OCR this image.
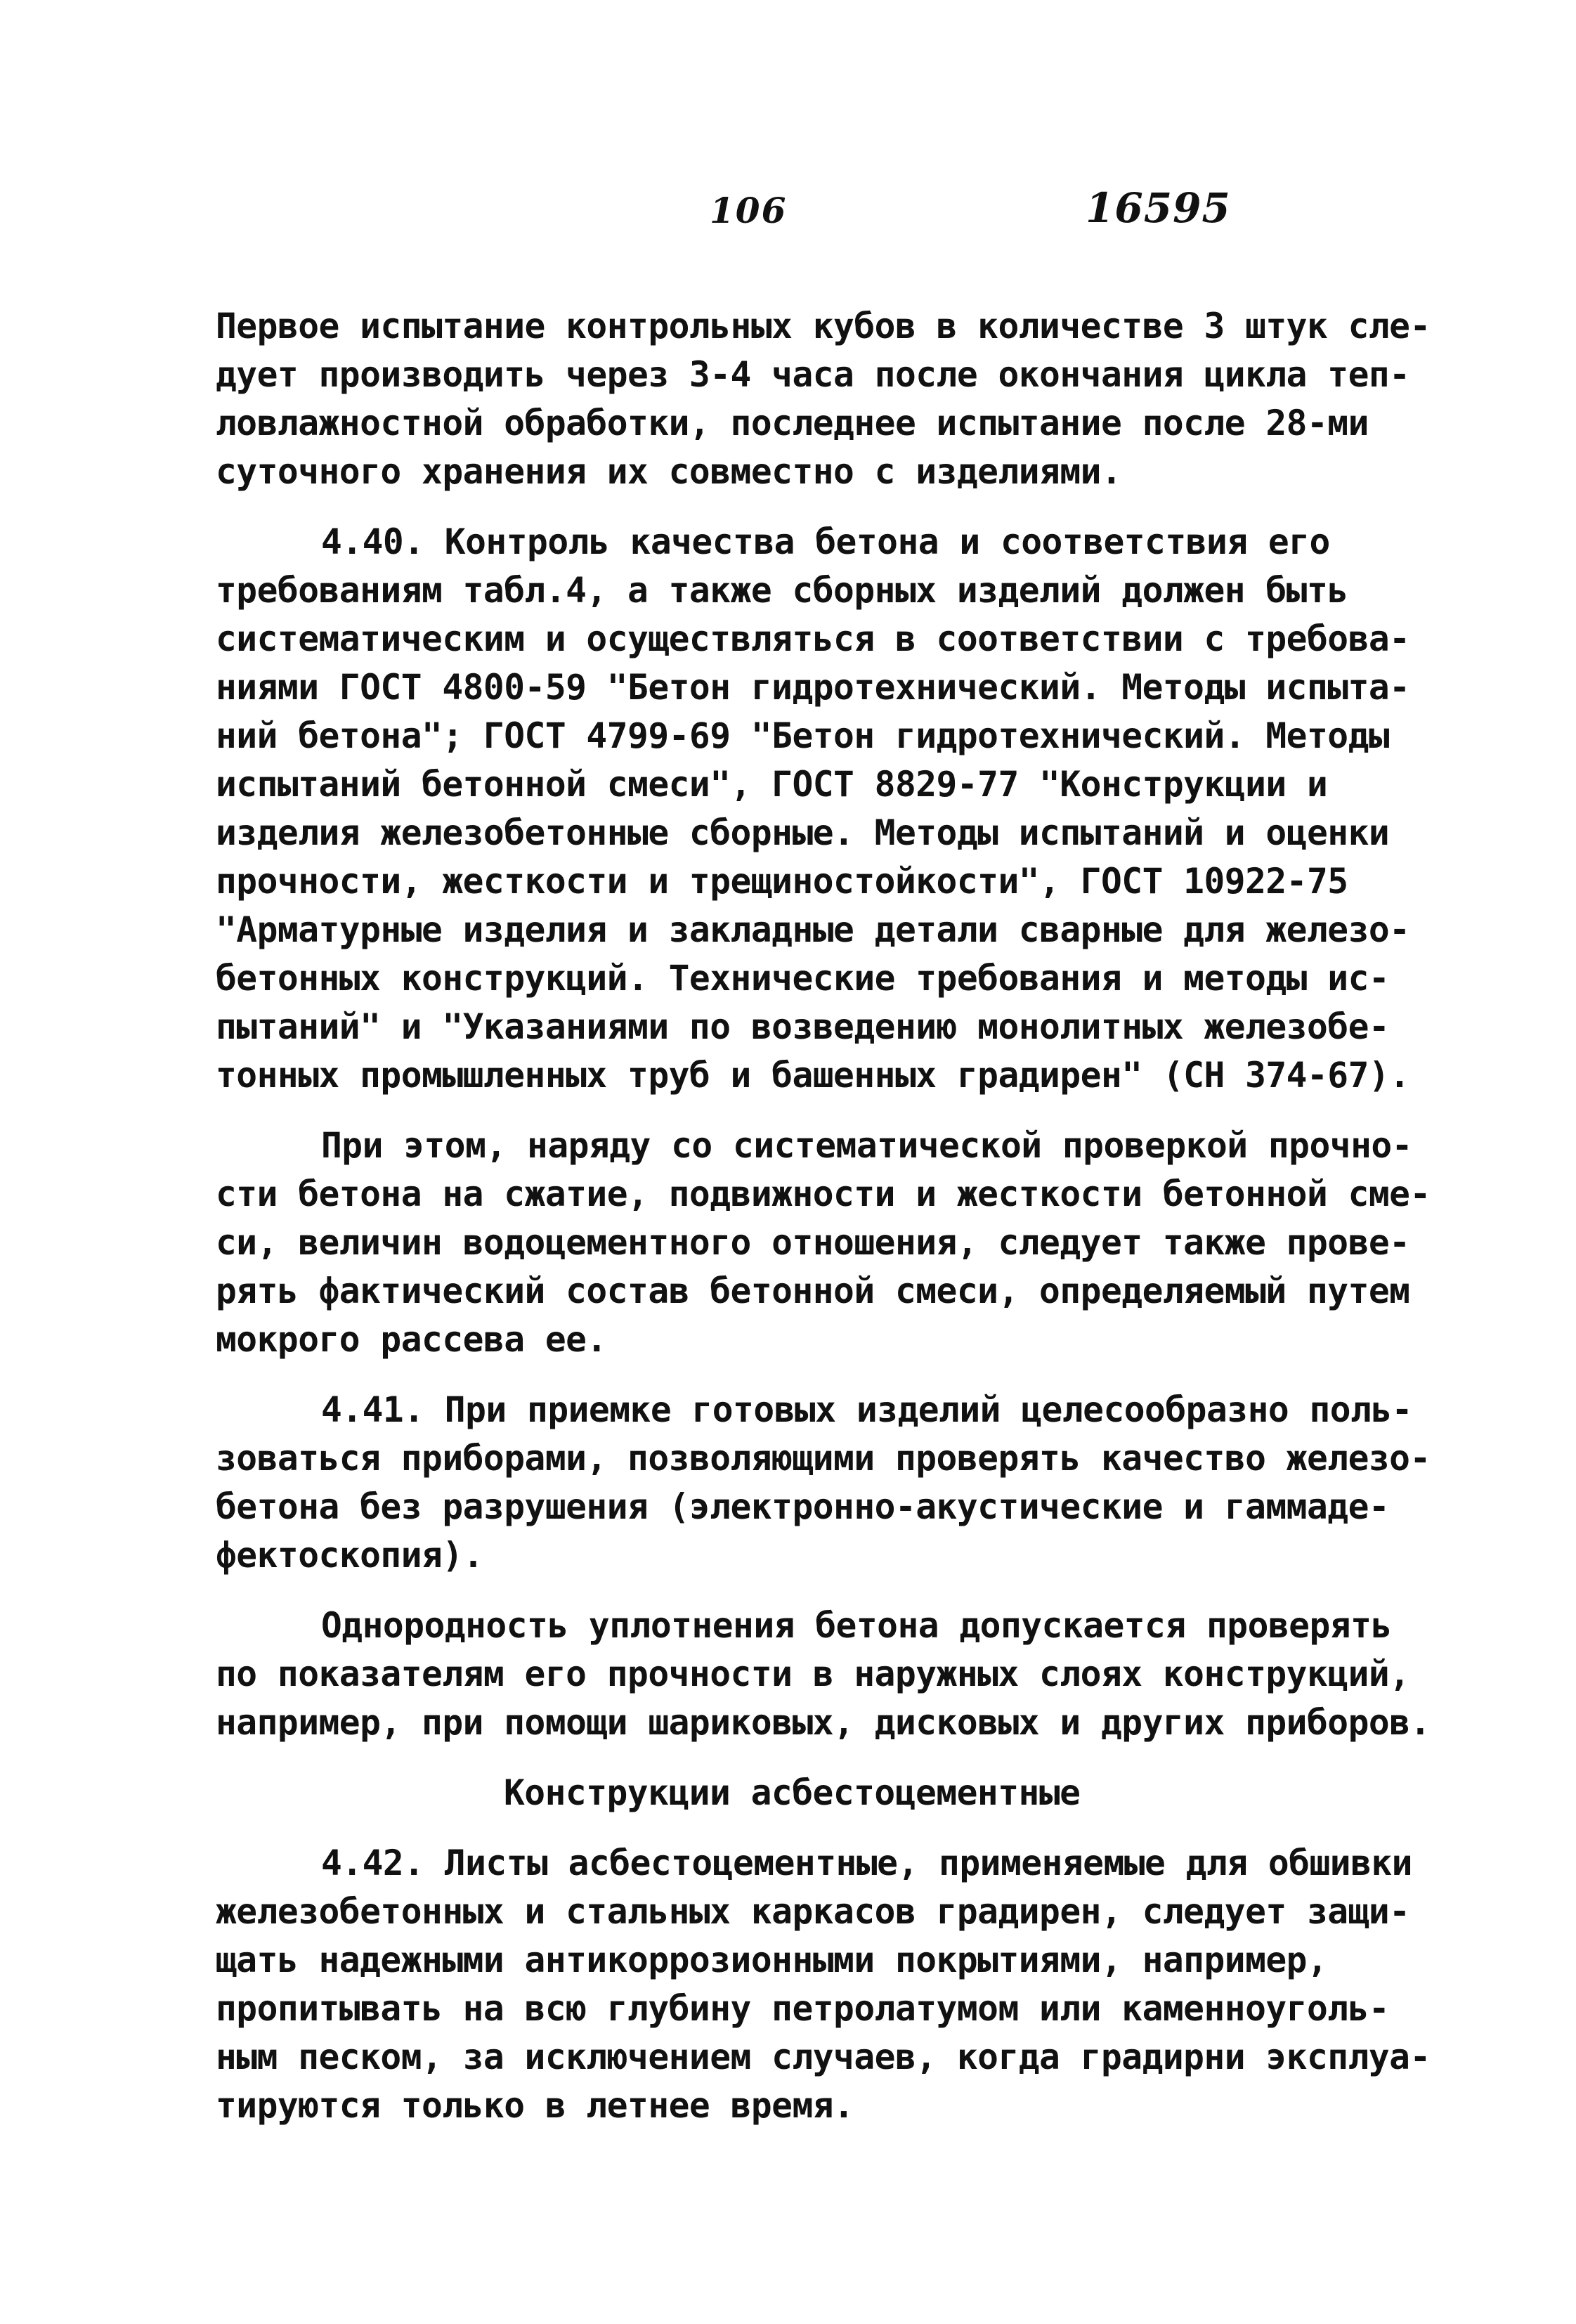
106	16595
Первое испытание контрольных кубов в количестве 3 штук сле-
дует производить через 3-4 часа после окончания цикла теп-
ловлажностной обработки, последнее испытание после 28-ми
суточного хранения их совместно с изделиями.
4.40. Контроль качества бетона и соответствия его
требованиям табл.4, а также сборных изделий должен быть
систематическим и осуществляться в соответствии с требова-
ниями ГОСТ 4800-59 "Бетон гидротехнический. Методы испыта-
ний бетона"; ГОСТ 4799-69 "Бетон гидротехнический. Методы
испытаний бетонной смеси", ГОСТ 8829-77 "Конструкции и
изделия железобетонные сборные. Методы испытаний и оценки
прочности, жесткости и трещиностойкости", ГОСТ 10922-75
"Арматурные изделия и закладные детали сварные для железо-
бетонных конструкций. Технические требования и методы ис-
пытаний" и "Указаниями по возведению монолитных железобе-
тонных промышленных труб и башенных градирен" (СН 374-67).
При этом, наряду со систематической проверкой прочно-
сти бетона на сжатие, подвижности и жесткости бетонной сме-
си, величин водоцементного отношения, следует также прове-
рять фактический состав бетонной смеси, определяемый путем
мокрого рассева ее.
4.41. При приемке готовых изделий целесообразно поль-
зоваться приборами, позволяющими проверять качество железо-
бетона без разрушения (электронно-акустические и гаммаде-
фектоскопия).
Однородность уплотнения бетона допускается проверять
по показателям его прочности в наружных слоях конструкций,
например, при помощи шариковых, дисковых и других приборов.
Конструкции асбестоцементные
4.42. Листы асбестоцементные, применяемые для обшивки
железобетонных и стальных каркасов градирен, следует защи-
щать надежными антикоррозионными покрытиями, например,
пропитывать на всю глубину петролатумом или каменноуголь-
ным песком, за исключением случаев, когда градирни эксплуа-
тируются только в летнее время.
